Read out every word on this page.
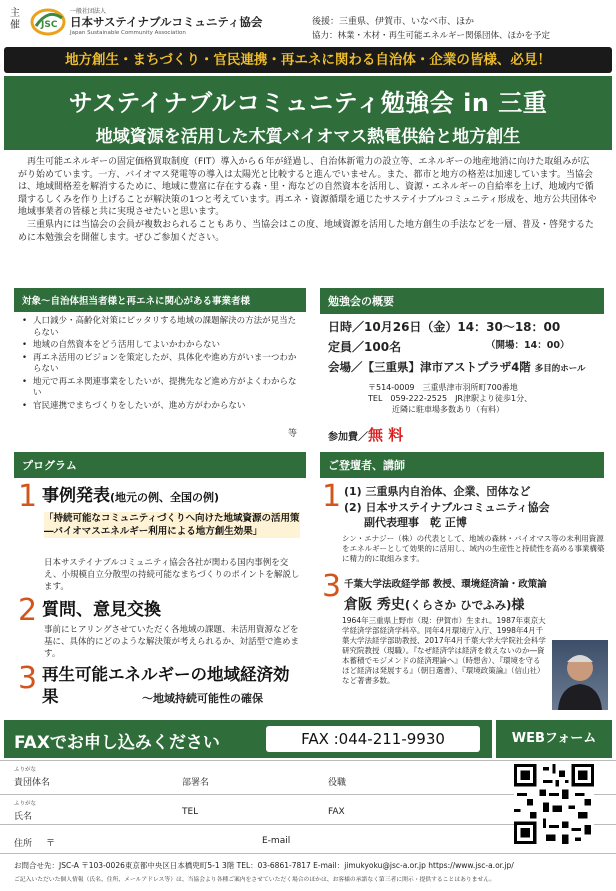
主催 JSC
一般社団法人
日本サステイナブルコミュニティ協会
Japan Sustainable Community Association
後援：三重県、伊賀市、いなべ市、ほか
協力：林業・木材・再生可能エネルギー関係団体、ほかを予定
地方創生・まちづくり・官民連携・再エネに関わる自治体・企業の皆様、必見！
サステイナブルコミュニティ勉強会 in 三重
地域資源を活用した木質バイオマス熱電供給と地方創生

再生可能エネルギーの固定価格買取制度（FIT）導入から６年が経過し、自治体新電力の設立等、エネルギーの地産地消に向けた取組みが広がり始めています。一方、バイオマス発電等の導入は太陽光と比較すると進んでいません。また、都市と地方の格差は加速しています。当協会は、地域間格差を解消するために、地域に豊富に存在する森・里・海などの自然資本を活用し、資源・エネルギーの自給率を上げ、地域内で循環するしくみを作り上げることが解決策の1つと考えています。再エネ・資源循環を通じたサステイナブルコミュニティ形成を、地方公共団体や地域事業者の皆様と共に実現させたいと思います。

三重県内には当協会の会員が複数おられることもあり、当協会はこの度、地域資源を活用した地方創生の手法などを一層、普及・啓発するために本勉強会を開催します。ぜひご参加ください。

対象～自治体担当者様と再エネに関心がある事業者様
• 人口減少・高齢化対策にピッタリする地域の課題解決の方法が見当たらない
• 地域の自然資本をどう活用してよいかわからない
• 再エネ活用のビジョンを策定したが、具体化や進め方がいま一つわからない
• 地元で再エネ関連事業をしたいが、提携先など進め方がよくわからない
• 官民連携でまちづくりをしたいが、進め方がわからない
等
勉強会の概要
日時／10月26日（金）14：30～18：00
定員／100名	（開場：14：00）
会場／【三重県】津市アストプラザ4階 多目的ホール
〒514-0009　三重県津市羽所町700番地
TEL　059-222-2525　JR津駅より徒歩1分、
近隣に駐車場多数あり（有料）
参加費／無 料
プログラム
1 事例発表(地元の例、全国の例)
「持続可能なコミュニティづくりへ向けた地域資源の活用策―バイオマスエネルギー利用による地方創生効果」
日本サステイナブルコミュニティ協会各社が関わる国内事例を交え、小規模自立分散型の持続可能なまちづくりのポイントを解説します。
2 質問、意見交換
事前にヒアリングさせていただく各地域の課題、未活用資源などを基に、具体的にどのような解決策が考えられるか、対話型で進めます。
3 再生可能エネルギーの地域経済効果	～地域持続可能性の確保
ご登壇者、講師
1 (1) 三重県内自治体、企業、団体など
(2) 日本サステイナブルコミュニティ協会
副代表理事　乾 正博
シン・エナジー（株）の代表として、地域の森林・バイオマス等の未利用資源をエネルギーとして効果的に活用し、域内の生産性と持続性を高める事業構築に精力的に取組みます。
3 千葉大学法政経学部 教授、環境経済論・政策論
倉阪 秀史(くらさか ひでふみ)様
1964年三重県上野市（現：伊賀市）生まれ。1987年東京大学経済学部経済学科卒。同年4月環境庁入庁、1998年4月千葉大学法経学部助教授、2017年4月千葉大学大学院社会科学研究院教授（現職）。『なぜ経済学は経済を救えないのか―資本蓄積でモジメンドの経済理論へ』（時想舎）、『環境を守るほど経済は発展する』（朝日選書）、『環境政策論』（信山社）など著書多数。
FAXでお申し込みください	FAX :044-211-9930	WEBフォーム
ふりがな
貴団体名	部署名	役職
ふりがな
氏名	TEL	FAX
住所 〒	E-mail
お問合せ先：JSC-A 〒103-0026東京都中央区日本橋兜町5-1 3階 TEL：03-6861-7817 E-mail：jimukyoku@jsc-a.or.jp https://www.jsc-a.or.jp/
ご記入いただいた個人情報（氏名、住所、メールアドレス等）は、当協会より各種ご案内をさせていただく場合のほかは、お客様の承諾なく第三者に開示・提供することはありません。
